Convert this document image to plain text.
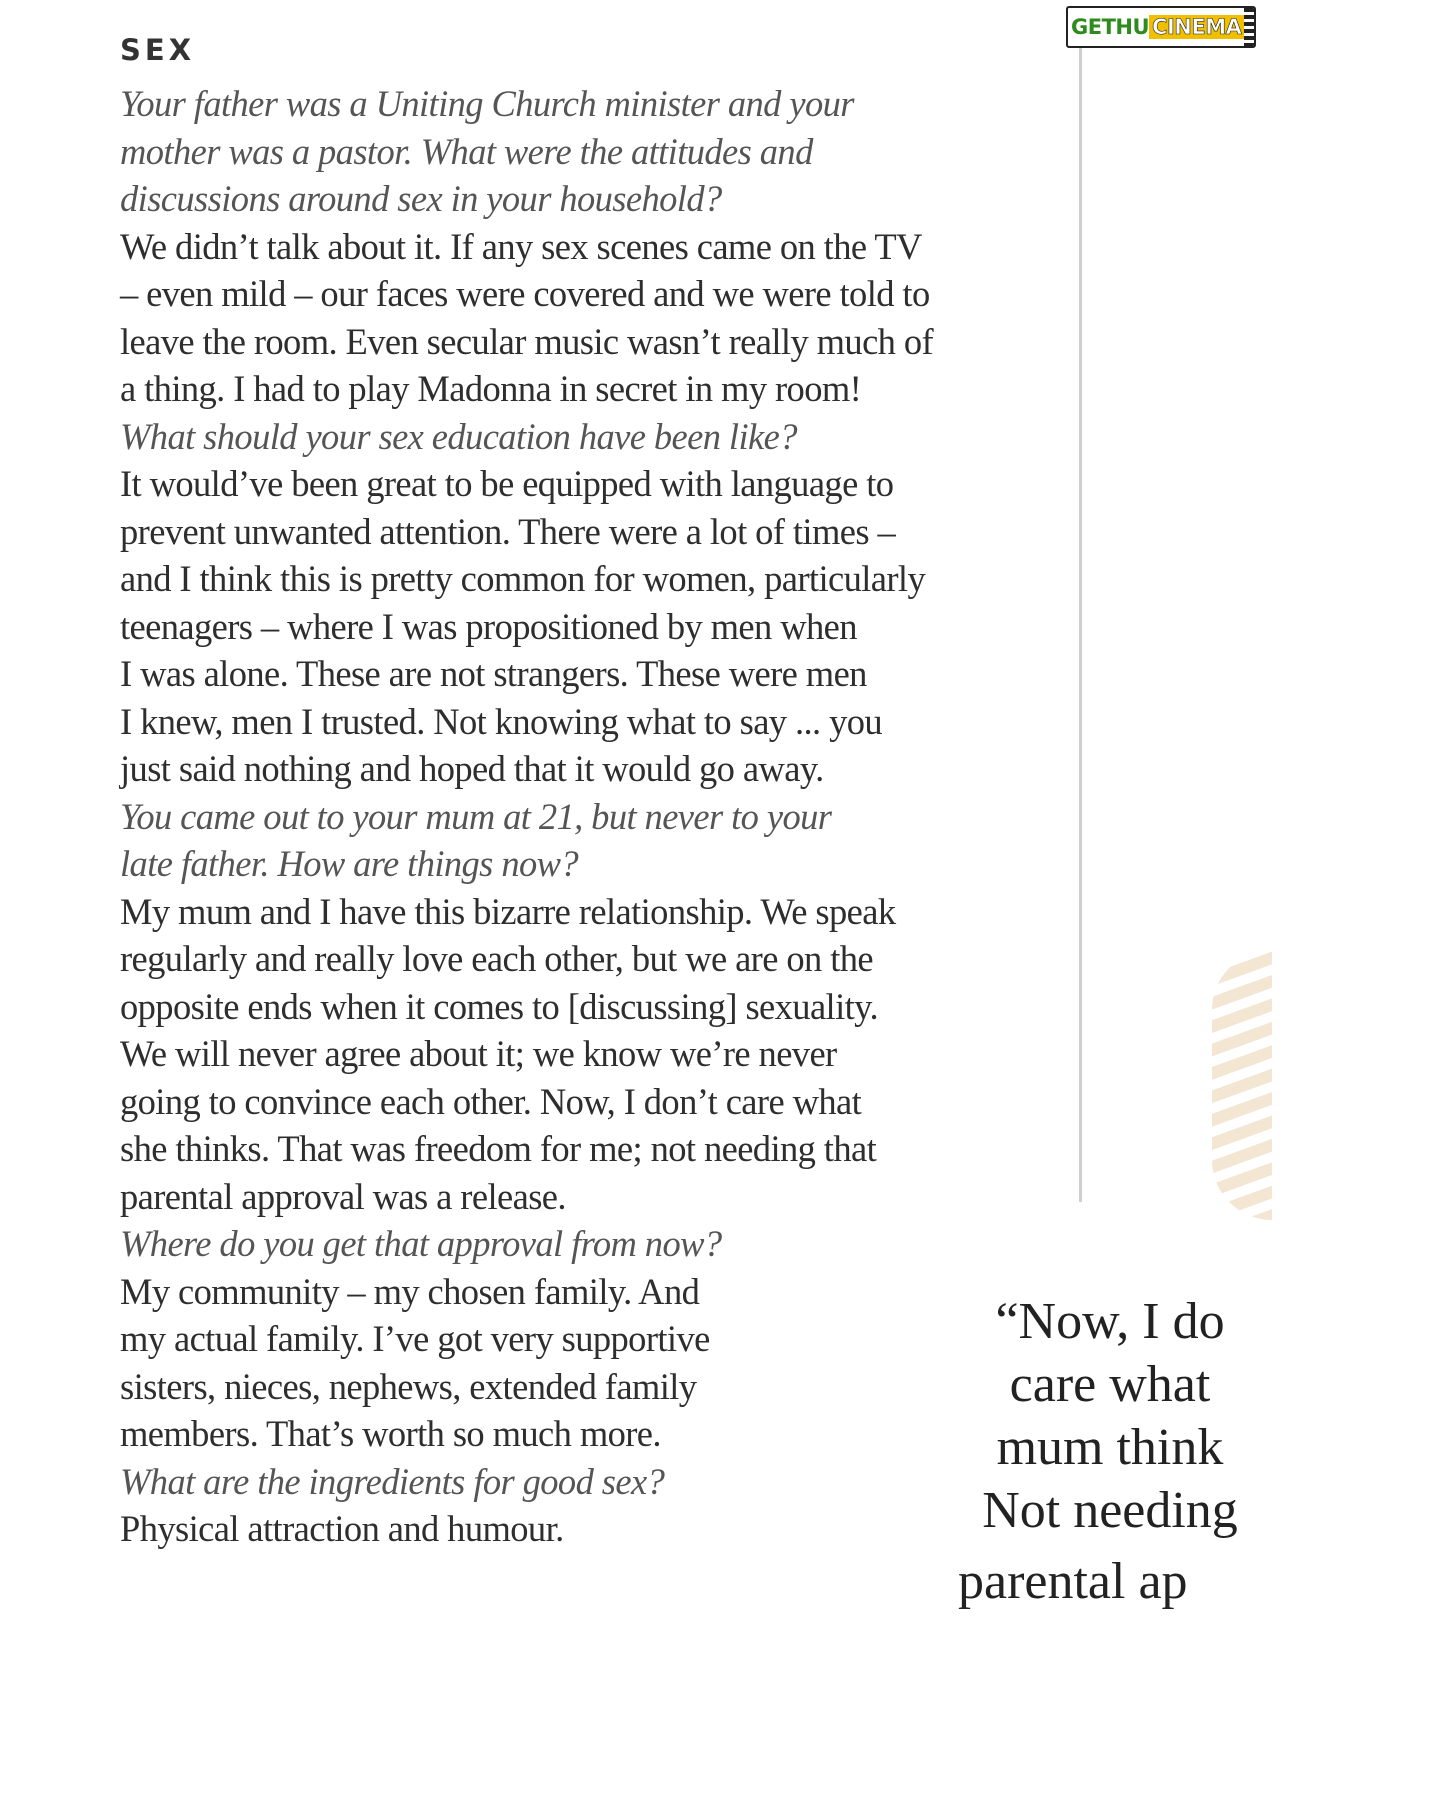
SEX

Your father was a Uniting Church minister and your

mother was a pastor. What were the attitudes and

discussions around sex in your household?

We didn’t talk about it. If any sex scenes came on the TV

– even mild – our faces were covered and we were told to

leave the room. Even secular music wasn’t really much of

a thing. I had to play Madonna in secret in my room!

What should your sex education have been like?

It would’ve been great to be equipped with language to

prevent unwanted attention. There were a lot of times –

and I think this is pretty common for women, particularly

teenagers – where I was propositioned by men when

I was alone. These are not strangers. These were men

I knew, men I trusted. Not knowing what to say ... you

just said nothing and hoped that it would go away.

You came out to your mum at 21, but never to your

late father. How are things now?

My mum and I have this bizarre relationship. We speak

regularly and really love each other, but we are on the

opposite ends when it comes to [discussing] sexuality.

We will never agree about it; we know we’re never

going to convince each other. Now, I don’t care what

she thinks. That was freedom for me; not needing that

parental approval was a release.

Where do you get that approval from now?

My community – my chosen family. And

my actual family. I’ve got very supportive

sisters, nieces, nephews, extended family

members. That’s worth so much more.

What are the ingredients for good sex?

Physical attraction and humour.

“Now, I do
care what
mum think
Not needing
parental ap
GETHU CINEMA
